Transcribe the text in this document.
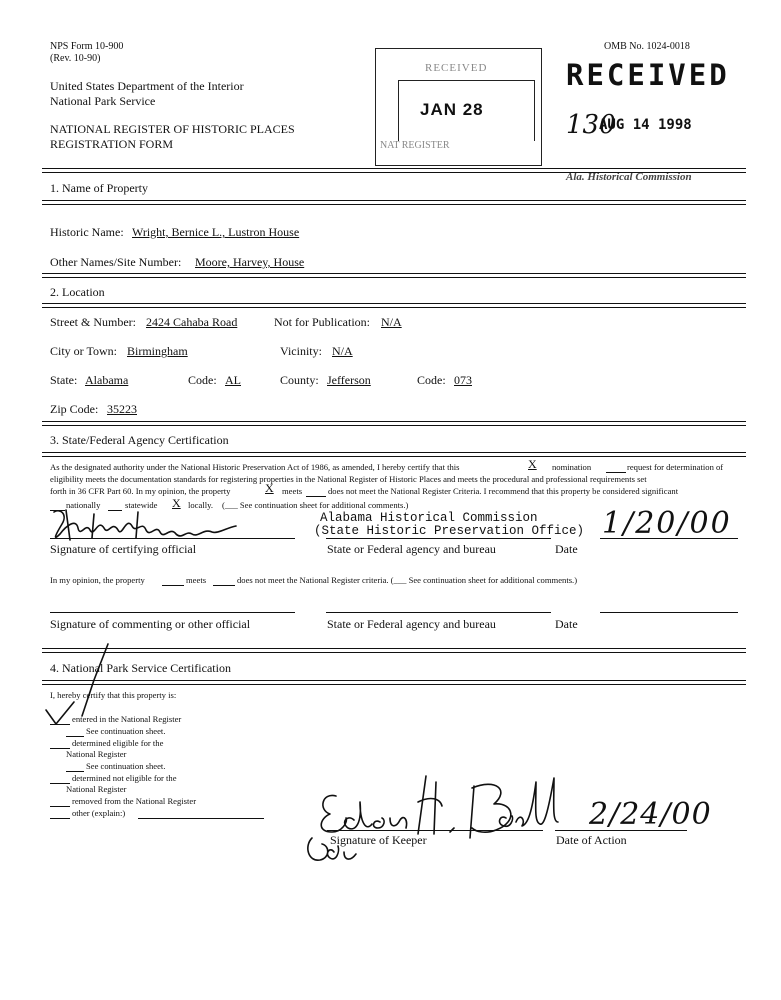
NPS Form 10-900
(Rev. 10-90)
OMB No. 1024-0018
United States Department of the Interior
National Park Service
NATIONAL REGISTER OF HISTORIC PLACES
REGISTRATION FORM
RECEIVED
JAN 28
NAT REGISTER
RECEIVED
130
AUG 14 1998
Ala. Historical Commission
1. Name of Property
Historic Name: Wright, Bernice L., Lustron House
Other Names/Site Number: Moore, Harvey, House
2. Location
Street & Number: 2424 Cahaba Road	Not for Publication: N/A
City or Town: Birmingham	Vicinity: N/A
State: Alabama	Code: AL	County: Jefferson	Code: 073
Zip Code: 35223
3. State/Federal Agency Certification
As the designated authority under the National Historic Preservation Act of 1986, as amended, I hereby certify that this	X nomination	request for determination of
eligibility meets the documentation standards for registering properties in the National Register of Historic Places and meets the procedural and professional requirements set
forth in 36 CFR Part 60. In my opinion, the property	X meets	does not meet the National Register Criteria. I recommend that this property be considered significant
nationally	statewide X locally. (___ See continuation sheet for additional comments.)
Alabama Historical Commission
(State Historic Preservation Office) 1/20/00
Signature of certifying official	State or Federal agency and bureau	Date
In my opinion, the property	meets	does not meet the National Register criteria. (___ See continuation sheet for additional comments.)
Signature of commenting or other official	State or Federal agency and bureau	Date
4. National Park Service Certification
I, hereby certify that this property is:
entered in the National Register
See continuation sheet.
determined eligible for the
National Register
See continuation sheet.
determined not eligible for the
National Register
removed from the National Register
other (explain:)	2/24/00
Signature of Keeper	Date of Action
